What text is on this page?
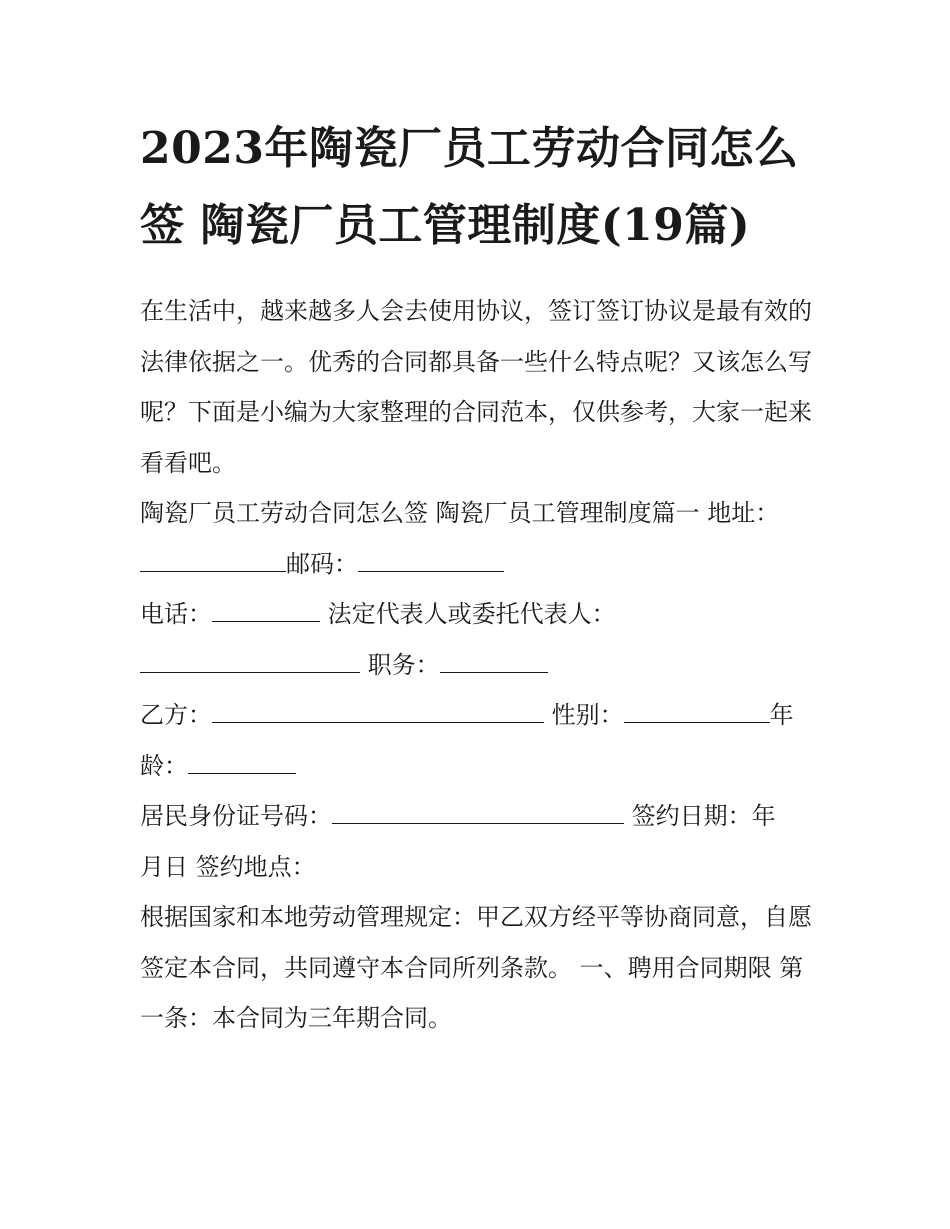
2023年陶瓷厂员工劳动合同怎么签 陶瓷厂员工管理制度(19篇)

在生活中，越来越多人会去使用协议，签订签订协议是最有效的法律依据之一。优秀的合同都具备一些什么特点呢？又该怎么写呢？下面是小编为大家整理的合同范本，仅供参考，大家一起来看看吧。

陶瓷厂员工劳动合同怎么签 陶瓷厂员工管理制度篇一 地址：

邮码：

电话：	法定代表人或委托代表人：

职务：

乙方：	性别：	年

龄：

居民身份证号码：	签约日期：年

月日 签约地点：

根据国家和本地劳动管理规定：甲乙双方经平等协商同意，自愿签定本合同，共同遵守本合同所列条款。 一、聘用合同期限 第一条：本合同为三年期合同。
